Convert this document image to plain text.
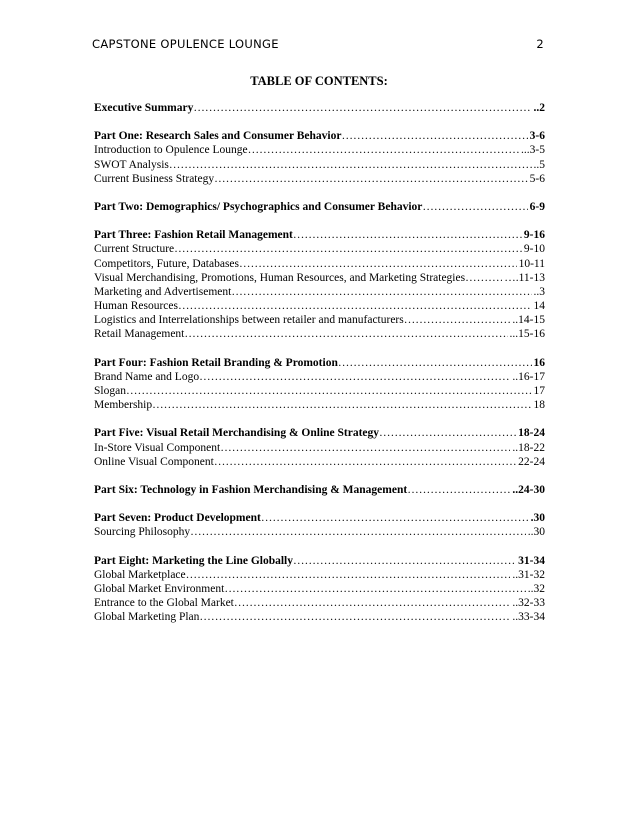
CAPSTONE OPULENCE LOUNGE	2
TABLE OF CONTENTS:
Executive Summary ……………………………………………………………………………………………………………………………………………………	..2
Part One: Research Sales and Consumer Behavior ……………………………………………………………………………………………………………………………………………………	3-6
Introduction to Opulence Lounge ……………………………………………………………………………………………………………………………………………………	...3-5
SWOT Analysis ……………………………………………………………………………………………………………………………………………………	..5
Current Business Strategy ……………………………………………………………………………………………………………………………………………………	5-6
Part Two: Demographics/ Psychographics and Consumer Behavior ……………………………………………………………………………………………………………………………………………………	6-9
Part Three: Fashion Retail Management ……………………………………………………………………………………………………………………………………………………	9-16
Current Structure ……………………………………………………………………………………………………………………………………………………	9-10
Competitors, Future, Databases ……………………………………………………………………………………………………………………………………………………	10-11
Visual Merchandising, Promotions, Human Resources, and Marketing Strategies ……………………………………………………………………………………………………………………………………………………	….11-13
Marketing and Advertisement ……………………………………………………………………………………………………………………………………………………	..3
Human Resources ……………………………………………………………………………………………………………………………………………………	14
Logistics and Interrelationships between retailer and manufacturers ……………………………………………………………………………………………………………………………………………………	..14-15
Retail Management ……………………………………………………………………………………………………………………………………………………	...15-16
Part Four: Fashion Retail Branding & Promotion ……………………………………………………………………………………………………………………………………………………	16
Brand Name and Logo ……………………………………………………………………………………………………………………………………………………	..16-17
Slogan ……………………………………………………………………………………………………………………………………………………	17
Membership ……………………………………………………………………………………………………………………………………………………	18
Part Five: Visual Retail Merchandising & Online Strategy ……………………………………………………………………………………………………………………………………………………	18-24
In-Store Visual Component ……………………………………………………………………………………………………………………………………………………	..18-22
Online Visual Component ……………………………………………………………………………………………………………………………………………………	22-24
Part Six: Technology in Fashion Merchandising & Management ……………………………………………………………………………………………………………………………………………………	..24-30
Part Seven: Product Development ……………………………………………………………………………………………………………………………………………………	.30
Sourcing Philosophy ……………………………………………………………………………………………………………………………………………………	..30
Part Eight: Marketing the Line Globally ……………………………………………………………………………………………………………………………………………………	31-34
Global Marketplace ……………………………………………………………………………………………………………………………………………………	..31-32
Global Market Environment ……………………………………………………………………………………………………………………………………………………	..32
Entrance to the Global Market ……………………………………………………………………………………………………………………………………………………	..32-33
Global Marketing Plan ……………………………………………………………………………………………………………………………………………………	..33-34
